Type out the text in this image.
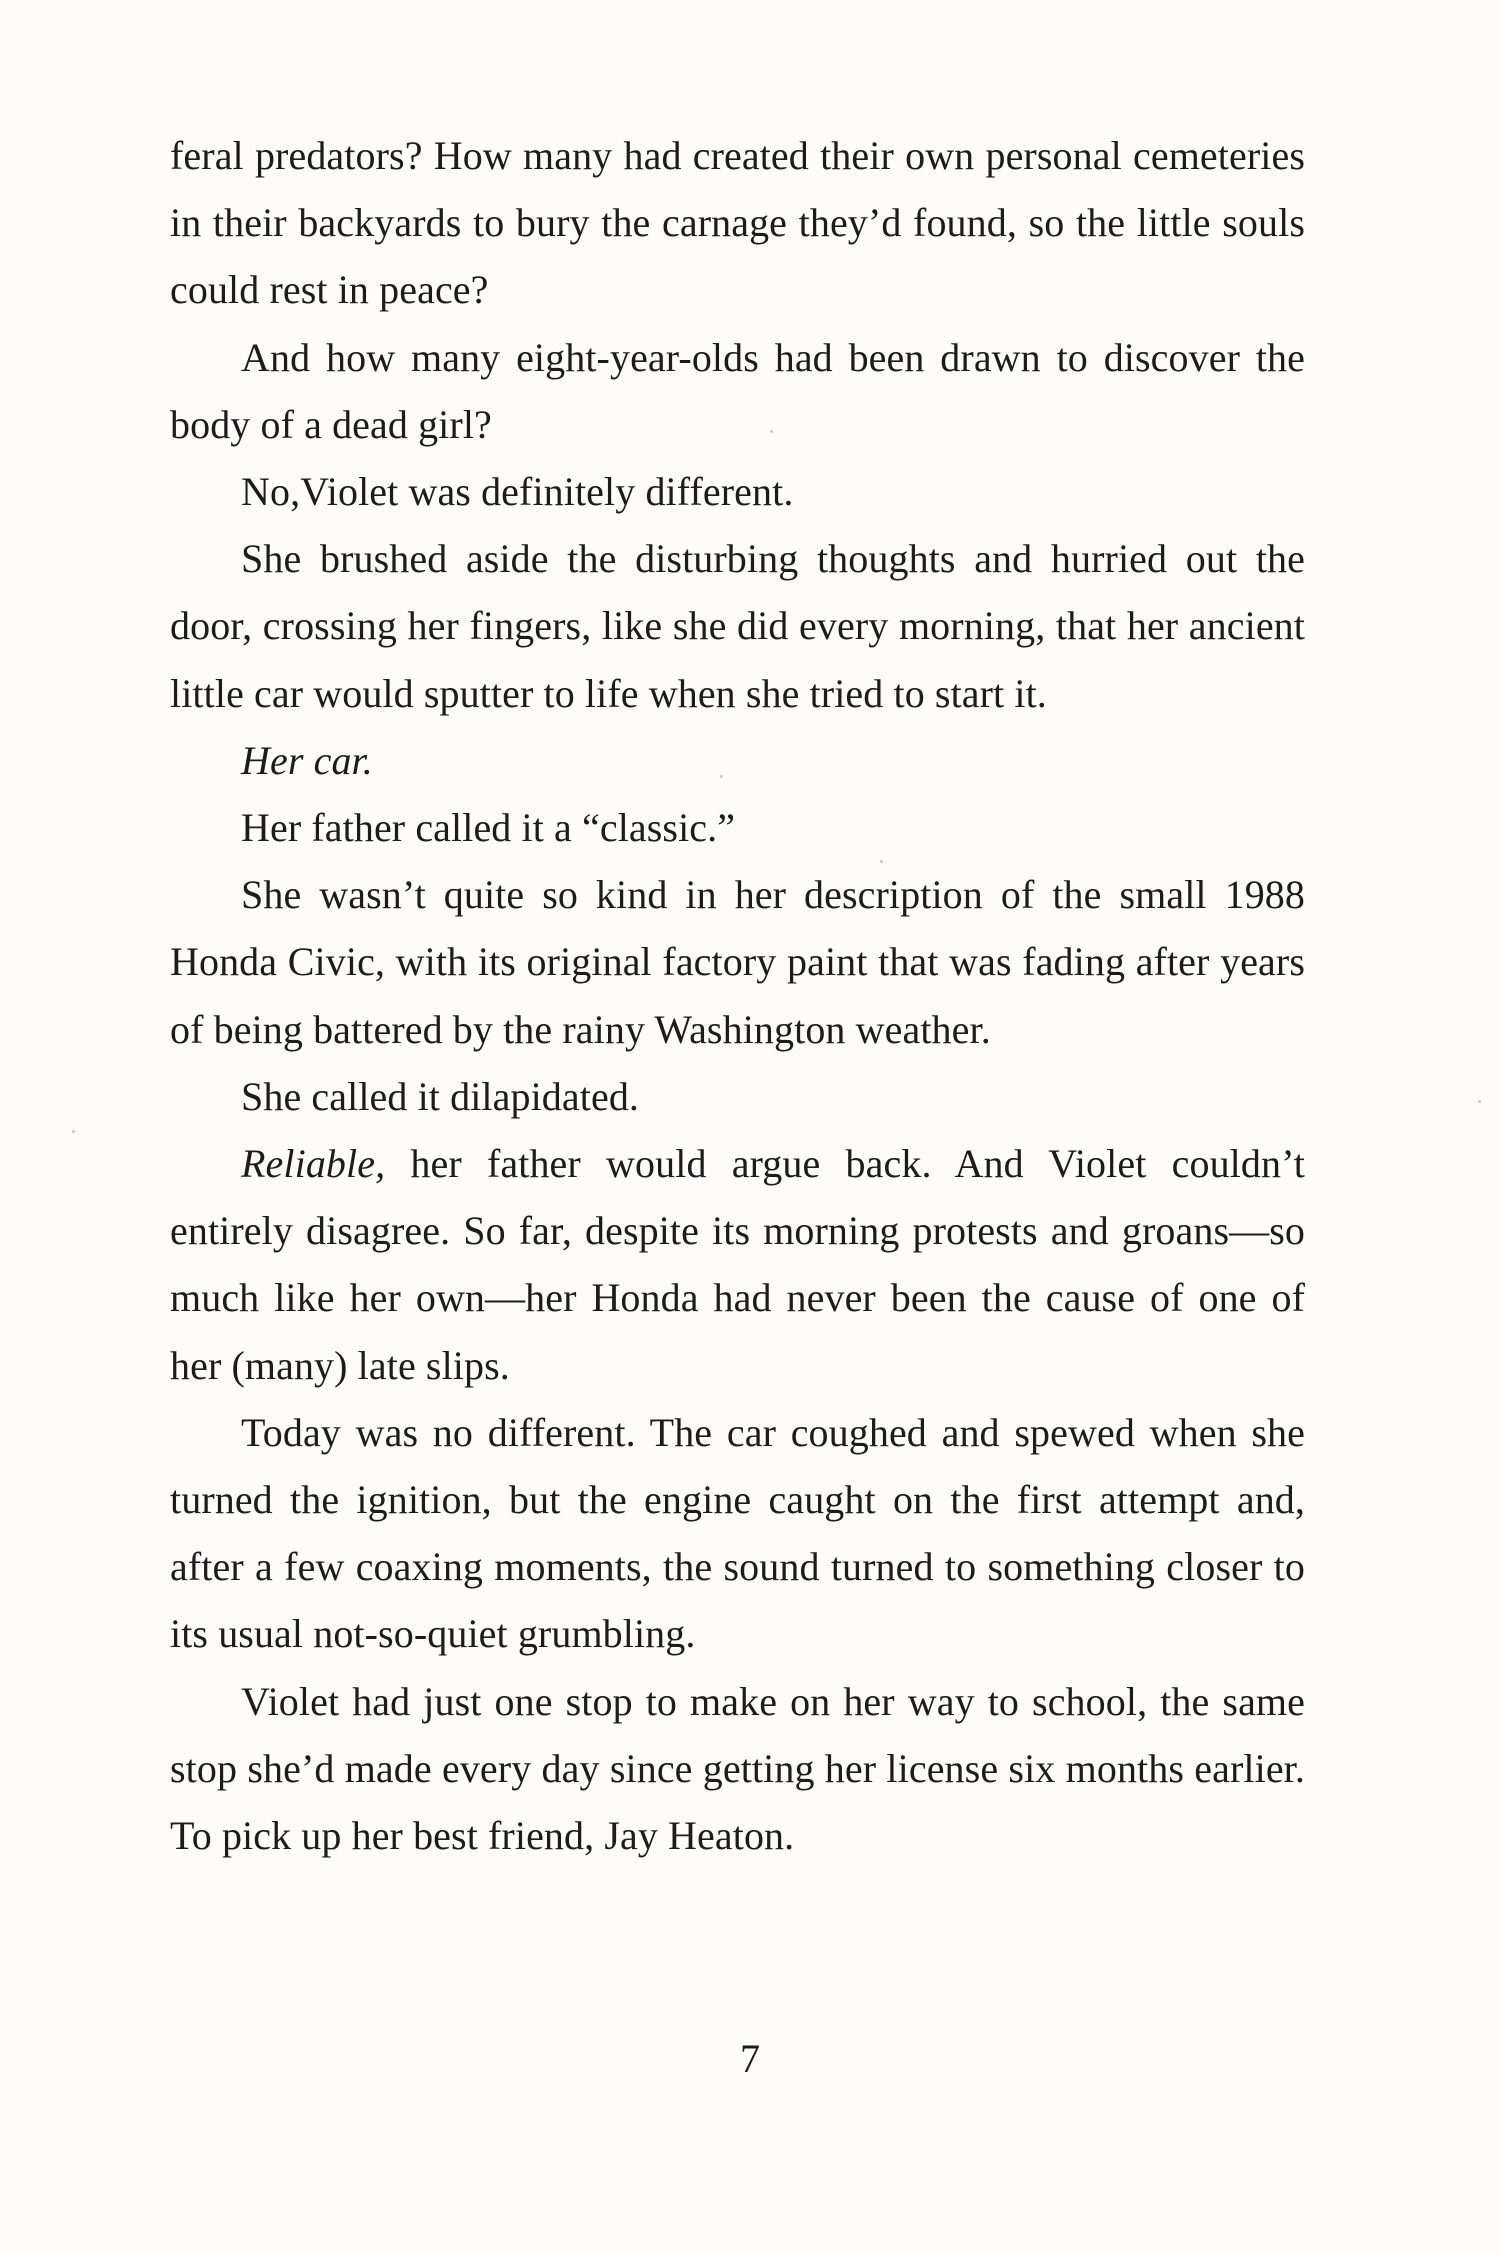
feral predators? How many had created their own personal cemeteries in their backyards to bury the carnage they’d found, so the little souls could rest in peace?

And how many eight-year-olds had been drawn to discover the body of a dead girl?

No,Violet was definitely different.

She brushed aside the disturbing thoughts and hurried out the door, crossing her fingers, like she did every morning, that her ancient little car would sputter to life when she tried to start it.

Her car.

Her father called it a “classic.”

She wasn’t quite so kind in her description of the small 1988 Honda Civic, with its original factory paint that was fading after years of being battered by the rainy Washington weather.

She called it dilapidated.

Reliable, her father would argue back. And Violet couldn’t entirely disagree. So far, despite its morning protests and groans—so much like her own—her Honda had never been the cause of one of her (many) late slips.

Today was no different. The car coughed and spewed when she turned the ignition, but the engine caught on the first attempt and, after a few coaxing moments, the sound turned to something closer to its usual not-so-quiet grumbling.

Violet had just one stop to make on her way to school, the same stop she’d made every day since getting her license six months earlier. To pick up her best friend, Jay Heaton.

7
